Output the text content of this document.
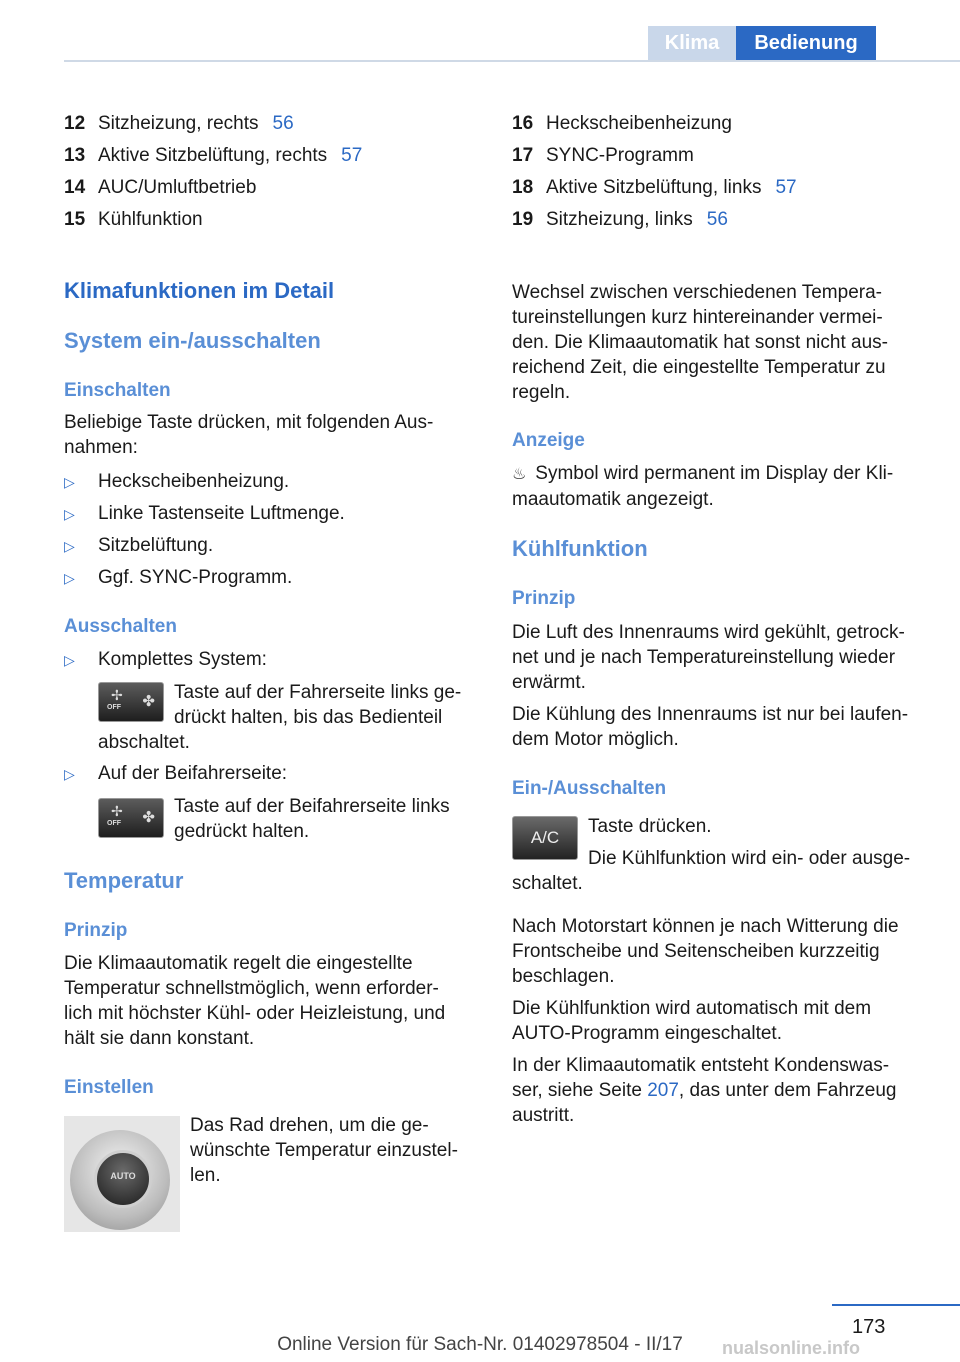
Klima	Bedienung
12 Sitzheizung, rechts 56
13 Aktive Sitzbelüftung, rechts 57
14 AUC/Umluftbetrieb
15 Kühlfunktion
16 Heckscheibenheizung
17 SYNC-Programm
18 Aktive Sitzbelüftung, links 57
19 Sitzheizung, links 56
Klimafunktionen im Detail
System ein-/ausschalten
Einschalten
Beliebige Taste drücken, mit folgenden Aus-
nahmen:
▷ Heckscheibenheizung.
▷ Linke Tastenseite Luftmenge.
▷ Sitzbelüftung.
▷ Ggf. SYNC-Programm.
Ausschalten
▷ Komplettes System:
✢
OFF ✤ Taste auf der Fahrerseite links ge-
drückt halten, bis das Bedienteil
abschaltet.
▷ Auf der Beifahrerseite:
✢
OFF ✤
Taste auf der Beifahrerseite links
gedrückt halten.
Temperatur
Prinzip
Die Klimaautomatik regelt die eingestellte
Temperatur schnellstmöglich, wenn erforder-
lich mit höchster Kühl- oder Heizleistung, und
hält sie dann konstant.
Einstellen
AUTO
Das Rad drehen, um die ge-
wünschte Temperatur einzustel-
len.
Wechsel zwischen verschiedenen Tempera-
tureinstellungen kurz hintereinander vermei-
den. Die Klimaautomatik hat sonst nicht aus-
reichend Zeit, die eingestellte Temperatur zu
regeln.
Anzeige
♨ Symbol wird permanent im Display der Kli-
maautomatik angezeigt.
Kühlfunktion
Prinzip
Die Luft des Innenraums wird gekühlt, getrock-
net und je nach Temperatureinstellung wieder
erwärmt.
Die Kühlung des Innenraums ist nur bei laufen-
dem Motor möglich.
Ein-/Ausschalten
A/C
Taste drücken.
Die Kühlfunktion wird ein- oder ausge-
schaltet.
Nach Motorstart können je nach Witterung die
Frontscheibe und Seitenscheiben kurzzeitig
beschlagen.
Die Kühlfunktion wird automatisch mit dem
AUTO-Programm eingeschaltet.
In der Klimaautomatik entsteht Kondenswas-
ser, siehe Seite 207, das unter dem Fahrzeug
austritt.
173
Online Version für Sach-Nr. 01402978504 - II/17	nualsonline.info
